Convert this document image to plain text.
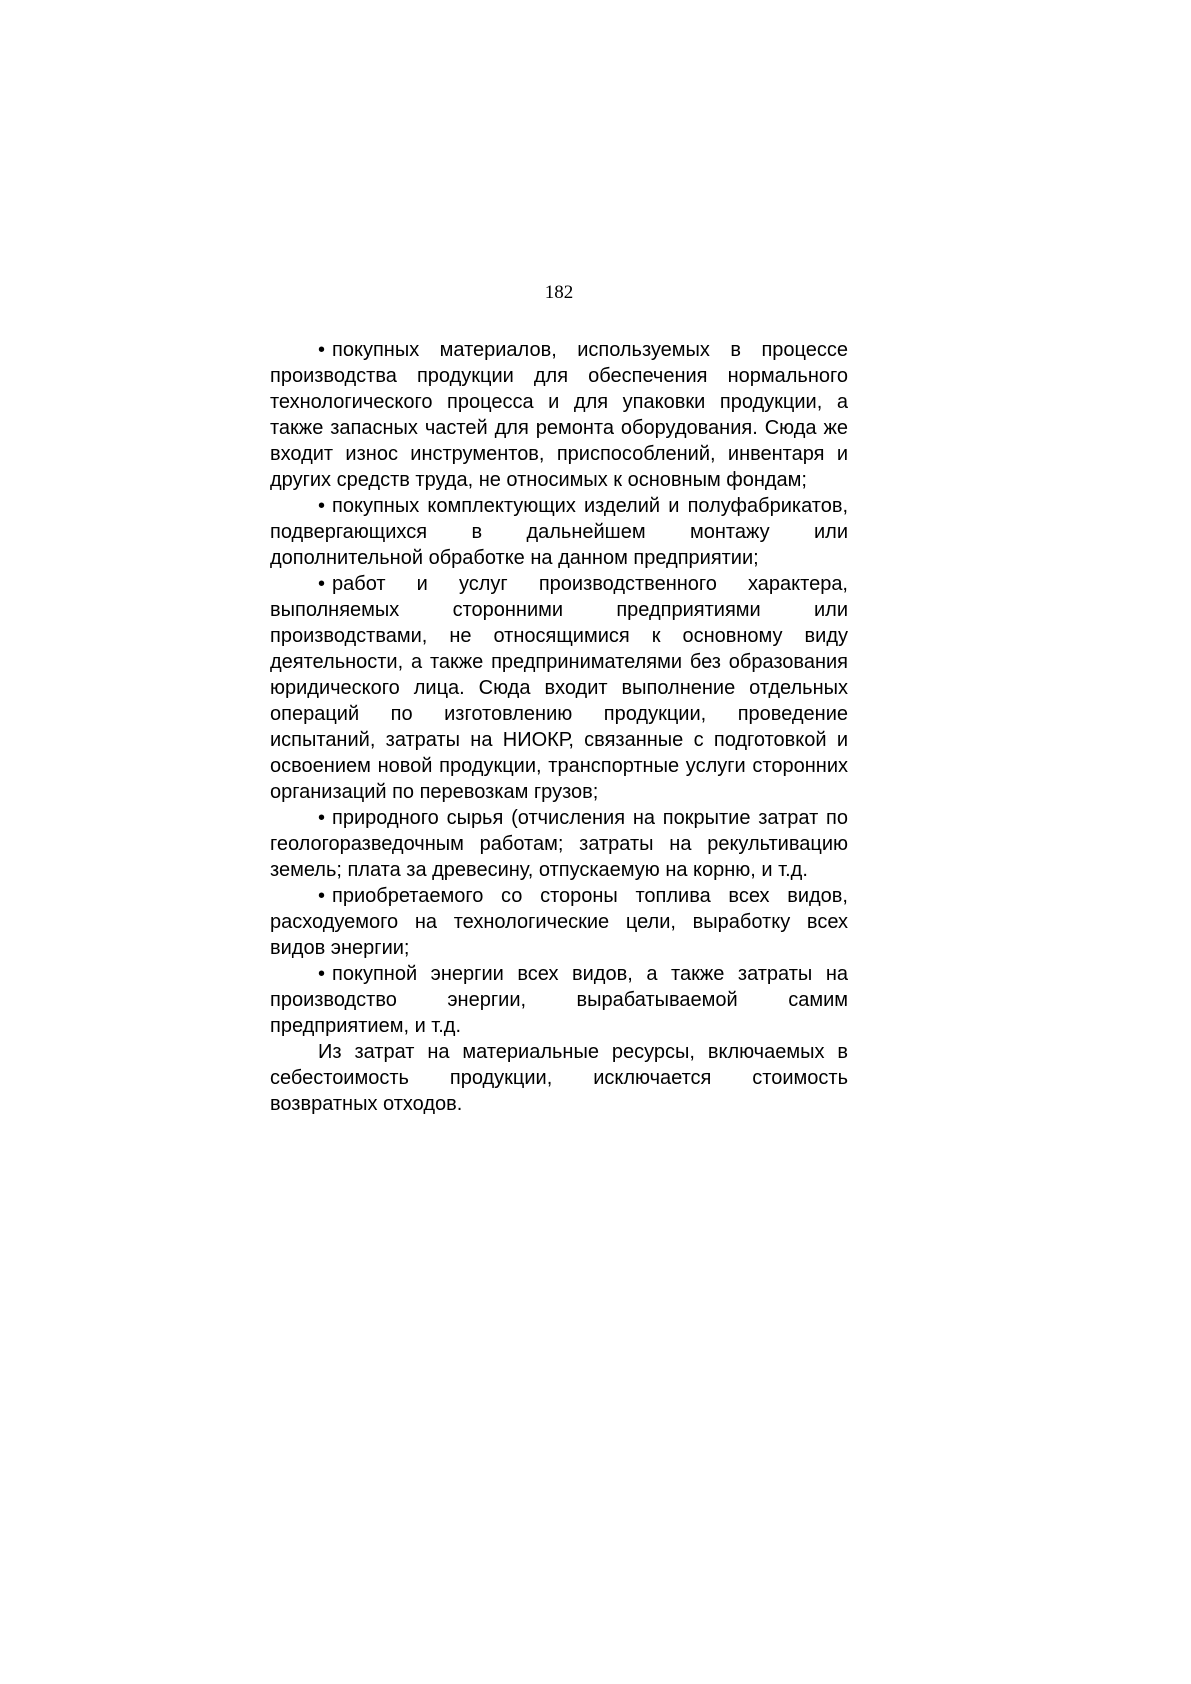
182

• покупных материалов, используемых в процессе производства продукции для обеспечения нормального технологического процесса и для упаковки продукции, а также запасных частей для ремонта оборудования. Сюда же входит износ инструментов, приспособлений, инвентаря и других средств труда, не относимых к основным фондам;

• покупных комплектующих изделий и полуфабрикатов, подвергающихся в дальнейшем монтажу или дополнительной обработке на данном предприятии;

• работ и услуг производственного характера, выполняемых сторонними предприятиями или производствами, не относящимися к основному виду деятельности, а также предпринимателями без образования юридического лица. Сюда входит выполнение отдельных операций по изготовлению продукции, проведение испытаний, затраты на НИОКР, связанные с подготовкой и освоением новой продукции, транспортные услуги сторонних организаций по перевозкам грузов;

• природного сырья (отчисления на покрытие затрат по геологоразведочным работам; затраты на рекультивацию земель; плата за древесину, отпускаемую на корню, и т.д.

• приобретаемого со стороны топлива всех видов, расходуемого на технологические цели, выработку всех видов энергии;

• покупной энергии всех видов, а также затраты на производство энергии, вырабатываемой самим предприятием, и т.д.

Из затрат на материальные ресурсы, включаемых в себестоимость продукции, исключается стоимость возвратных отходов.
